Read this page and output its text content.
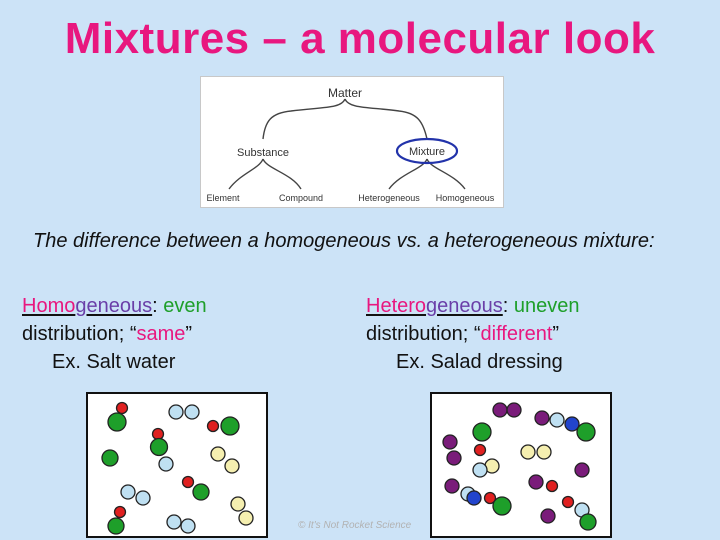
Mixtures – a molecular look
Matter
Substance	Mixture
Element	Compound	Heterogeneous Homogeneous
The difference between a homogeneous vs. a heterogeneous mixture:
Homogeneous: even
distribution; “same”
Ex. Salt water
Heterogeneous: uneven
distribution; “different”
Ex. Salad dressing
© It's Not Rocket Science
